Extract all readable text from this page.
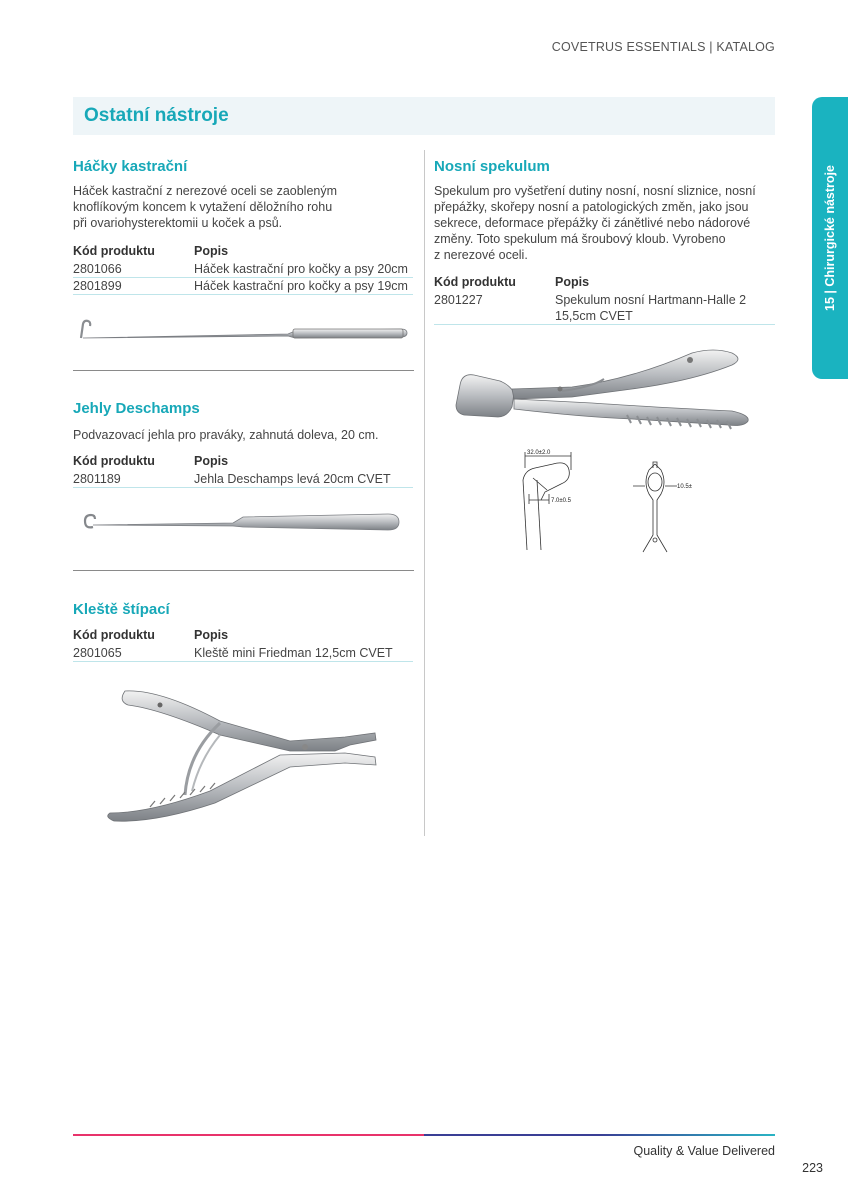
COVETRUS ESSENTIALS | KATALOG
Ostatní nástroje
15 | Chirurgické nástroje
Háčky kastrační
Háček kastrační z nerezové oceli se zaobleným
knoflíkovým koncem k vytažení děložního rohu
při ovariohysterektomii u koček a psů.
Kód produktu	Popis
2801066	Háček kastrační pro kočky a psy 20cm
2801899	Háček kastrační pro kočky a psy 19cm
Jehly Deschamps
Podvazovací jehla pro praváky, zahnutá doleva, 20 cm.
Kód produktu	Popis
2801189	Jehla Deschamps levá 20cm CVET
Kleště štípací
Kód produktu	Popis
2801065	Kleště mini Friedman 12,5cm CVET
Nosní spekulum
Spekulum pro vyšetření dutiny nosní, nosní sliznice, nosní
přepážky, skořepy nosní a patologických změn, jako jsou
sekrece, deformace přepážky či zánětlivé nebo nádorové
změny. Toto spekulum má šroubový kloub. Vyrobeno
z nerezové oceli.
Kód produktu	Popis
2801227	Spekulum nosní Hartmann-Halle 2
15,5cm CVET
32.0±2.0
7.0±0.5
10.5±
Quality & Value Delivered
223
